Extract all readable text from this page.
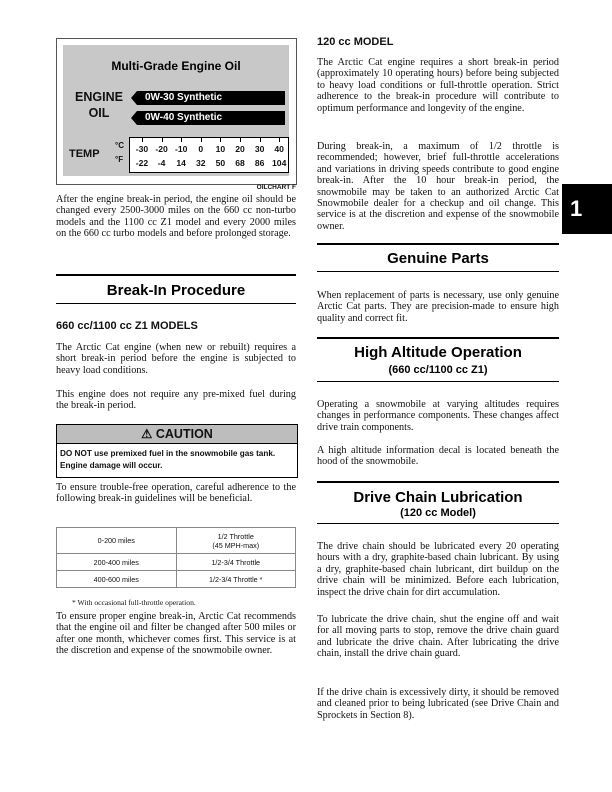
Multi-Grade Engine Oil
ENGINE
OIL
0W-30 Synthetic
0W-40 Synthetic
TEMP
°C
°F
-30 -20 -10 0 10 20 30 40
-22 -4 14 32 50 68 86 104
OILCHART F
After the engine break-in period, the engine oil should be changed every 2500-3000 miles on the 660 cc non-turbo models and the 1100 cc Z1 model and every 2000 miles on the 660 cc turbo models and before prolonged storage.
Break-In Procedure
660 cc/1100 cc Z1 MODELS
The Arctic Cat engine (when new or rebuilt) requires a short break-in period before the engine is subjected to heavy load conditions.
This engine does not require any pre-mixed fuel during the break-in period.
⚠ CAUTION
DO NOT use premixed fuel in the snowmobile gas tank. Engine damage will occur.
To ensure trouble-free operation, careful adherence to the following break-in guidelines will be beneficial.
0-200 miles	1/2 Throttle
(45 MPH-max)

200-400 miles	1/2-3/4 Throttle
400-600 miles	1/2-3/4 Throttle *
* With occasional full-throttle operation.
To ensure proper engine break-in, Arctic Cat recommends that the engine oil and filter be changed after 500 miles or after one month, whichever comes first. This service is at the discretion and expense of the snowmobile owner.
120 cc MODEL
The Arctic Cat engine requires a short break-in period (approximately 10 operating hours) before being subjected to heavy load conditions or full-throttle operation. Strict adherence to the break-in procedure will contribute to optimum performance and longevity of the engine.
During break-in, a maximum of 1/2 throttle is recommended; however, brief full-throttle accelerations and variations in driving speeds contribute to good engine break-in. After the 10 hour break-in period, the snowmobile may be taken to an authorized Arctic Cat Snowmobile dealer for a checkup and oil change. This service is at the discretion and expense of the snowmobile owner.
Genuine Parts
When replacement of parts is necessary, use only genuine Arctic Cat parts. They are precision-made to ensure high quality and correct fit.
High Altitude Operation
(660 cc/1100 cc Z1)
Operating a snowmobile at varying altitudes requires changes in performance components. These changes affect drive train components.
A high altitude information decal is located beneath the hood of the snowmobile.
Drive Chain Lubrication
(120 cc Model)
The drive chain should be lubricated every 20 operating hours with a dry, graphite-based chain lubricant. By using a dry, graphite-based chain lubricant, dirt buildup on the drive chain will be minimized. Before each lubrication, inspect the drive chain for dirt accumulation.
To lubricate the drive chain, shut the engine off and wait for all moving parts to stop, remove the drive chain guard and lubricate the drive chain. After lubricating the drive chain, install the drive chain guard.
If the drive chain is excessively dirty, it should be removed and cleaned prior to being lubricated (see Drive Chain and Sprockets in Section 8).
1
